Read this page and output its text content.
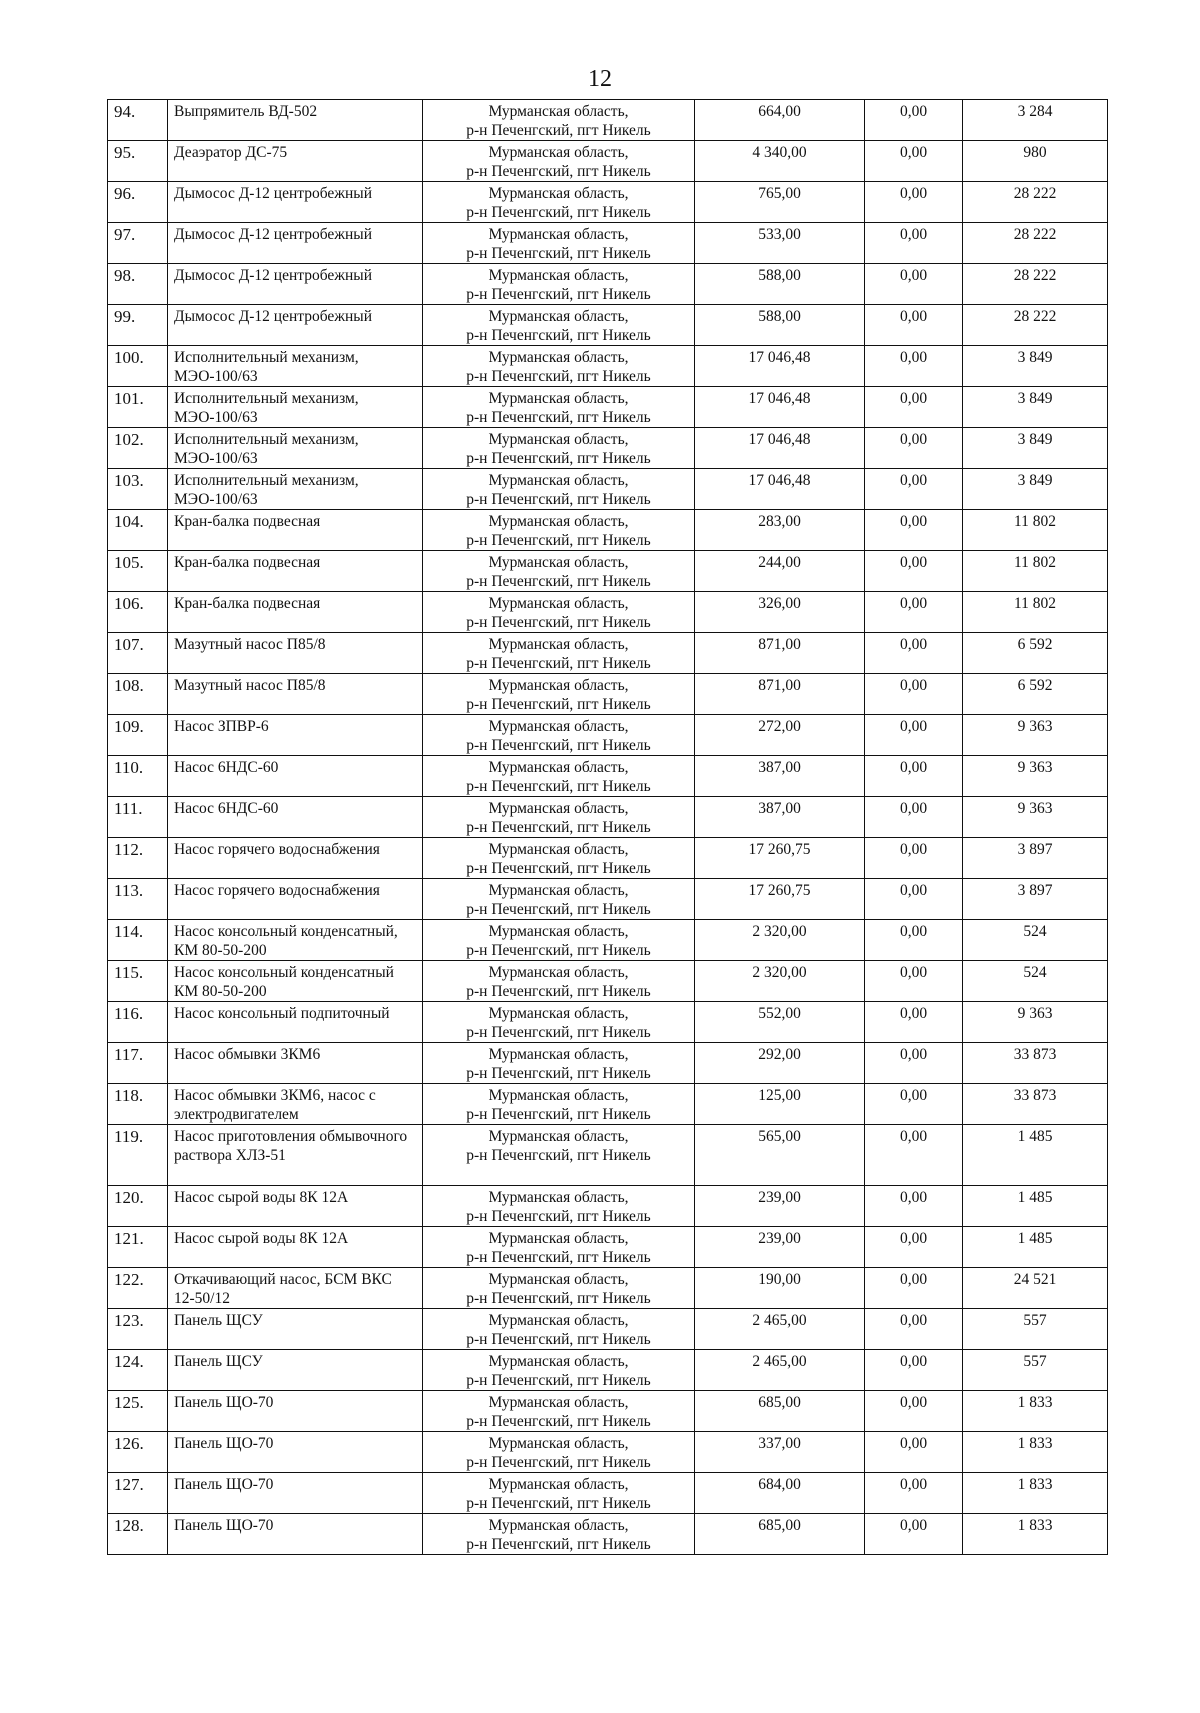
12
94.	Выпрямитель ВД-502	Мурманская область,
р-н Печенгский, пгт Никель	664,00	0,00	3 284
95.	Деаэратор ДС-75	Мурманская область,
р-н Печенгский, пгт Никель	4 340,00	0,00	980
96.	Дымосос Д-12 центробежный	Мурманская область,
р-н Печенгский, пгт Никель	765,00	0,00	28 222
97.	Дымосос Д-12 центробежный	Мурманская область,
р-н Печенгский, пгт Никель	533,00	0,00	28 222
98.	Дымосос Д-12 центробежный	Мурманская область,
р-н Печенгский, пгт Никель	588,00	0,00	28 222
99.	Дымосос Д-12 центробежный	Мурманская область,
р-н Печенгский, пгт Никель	588,00	0,00	28 222
100.	Исполнительный механизм, МЭО-100/63	Мурманская область,
р-н Печенгский, пгт Никель	17 046,48	0,00	3 849
101.	Исполнительный механизм, МЭО-100/63	Мурманская область,
р-н Печенгский, пгт Никель	17 046,48	0,00	3 849
102.	Исполнительный механизм, МЭО-100/63	Мурманская область,
р-н Печенгский, пгт Никель	17 046,48	0,00	3 849
103.	Исполнительный механизм, МЭО-100/63	Мурманская область,
р-н Печенгский, пгт Никель	17 046,48	0,00	3 849
104.	Кран-балка подвесная	Мурманская область,
р-н Печенгский, пгт Никель	283,00	0,00	11 802
105.	Кран-балка подвесная	Мурманская область,
р-н Печенгский, пгт Никель	244,00	0,00	11 802
106.	Кран-балка подвесная	Мурманская область,
р-н Печенгский, пгт Никель	326,00	0,00	11 802
107.	Мазутный насос П85/8	Мурманская область,
р-н Печенгский, пгт Никель	871,00	0,00	6 592
108.	Мазутный насос П85/8	Мурманская область,
р-н Печенгский, пгт Никель	871,00	0,00	6 592
109.	Насос ЗПВР-6	Мурманская область,
р-н Печенгский, пгт Никель	272,00	0,00	9 363
110.	Насос 6НДС-60	Мурманская область,
р-н Печенгский, пгт Никель	387,00	0,00	9 363
111.	Насос 6НДС-60	Мурманская область,
р-н Печенгский, пгт Никель	387,00	0,00	9 363
112.	Насос горячего водоснабжения	Мурманская область,
р-н Печенгский, пгт Никель	17 260,75	0,00	3 897
113.	Насос горячего водоснабжения	Мурманская область,
р-н Печенгский, пгт Никель	17 260,75	0,00	3 897
114.	Насос консольный конденсатный, КМ 80-50-200	Мурманская область,
р-н Печенгский, пгт Никель	2 320,00	0,00	524
115.	Насос консольный конденсатный КМ 80-50-200	Мурманская область,
р-н Печенгский, пгт Никель	2 320,00	0,00	524
116.	Насос консольный подпиточный	Мурманская область,
р-н Печенгский, пгт Никель	552,00	0,00	9 363
117.	Насос обмывки 3КМ6	Мурманская область,
р-н Печенгский, пгт Никель	292,00	0,00	33 873
118.	Насос обмывки 3КМ6, насос с электродвигателем	Мурманская область,
р-н Печенгский, пгт Никель	125,00	0,00	33 873
119.	Насос приготовления обмывочного раствора ХЛЗ-51	Мурманская область,
р-н Печенгский, пгт Никель	565,00	0,00	1 485
120.	Насос сырой воды 8К 12А	Мурманская область,
р-н Печенгский, пгт Никель	239,00	0,00	1 485
121.	Насос сырой воды 8К 12А	Мурманская область,
р-н Печенгский, пгт Никель	239,00	0,00	1 485
122.	Откачивающий насос, БСМ ВКС 12-50/12	Мурманская область,
р-н Печенгский, пгт Никель	190,00	0,00	24 521
123.	Панель ЩСУ	Мурманская область,
р-н Печенгский, пгт Никель	2 465,00	0,00	557
124.	Панель ЩСУ	Мурманская область,
р-н Печенгский, пгт Никель	2 465,00	0,00	557
125.	Панель ЩО-70	Мурманская область,
р-н Печенгский, пгт Никель	685,00	0,00	1 833
126.	Панель ЩО-70	Мурманская область,
р-н Печенгский, пгт Никель	337,00	0,00	1 833
127.	Панель ЩО-70	Мурманская область,
р-н Печенгский, пгт Никель	684,00	0,00	1 833
128.	Панель ЩО-70	Мурманская область,
р-н Печенгский, пгт Никель	685,00	0,00	1 833
